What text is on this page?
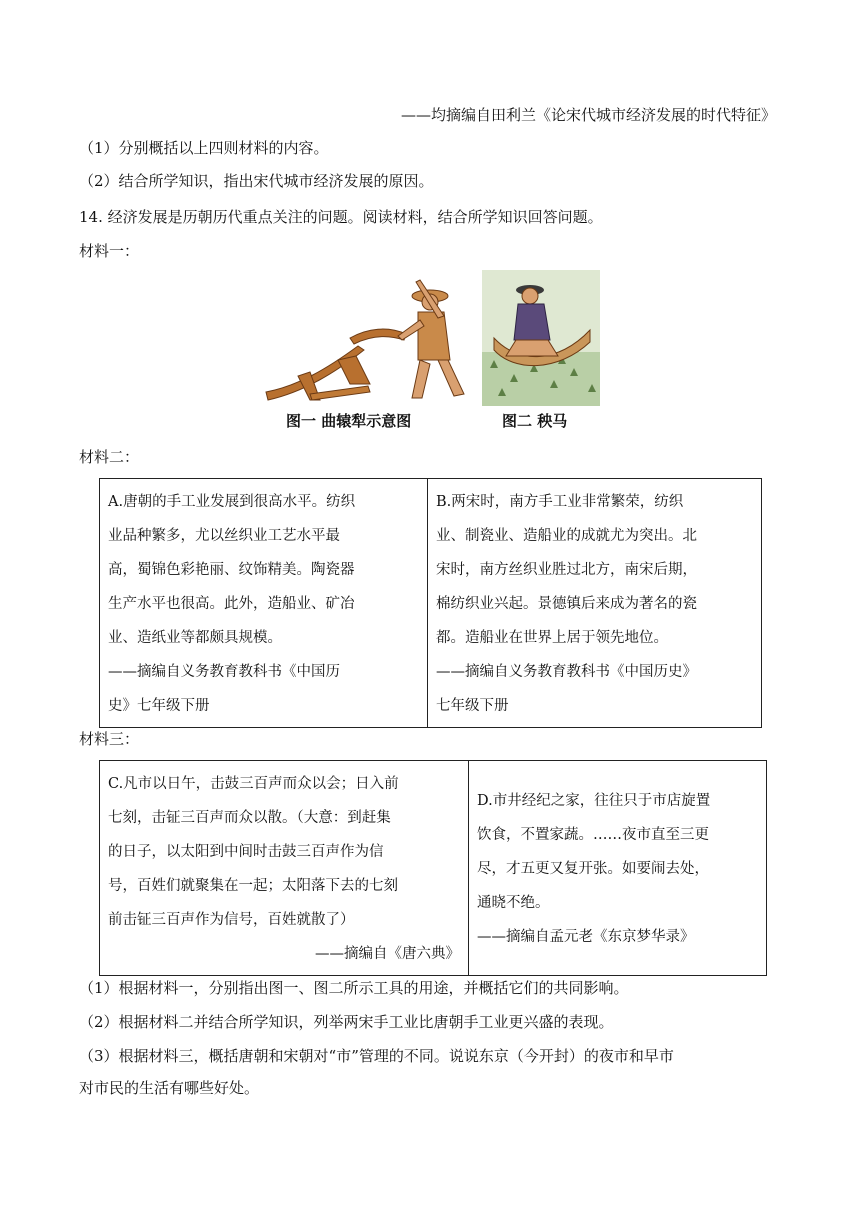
——均摘编自田利兰《论宋代城市经济发展的时代特征》
（1）分别概括以上四则材料的内容。
（2）结合所学知识，指出宋代城市经济发展的原因。
14. 经济发展是历朝历代重点关注的问题。阅读材料，结合所学知识回答问题。
材料一：
图一 曲辕犁示意图	图二 秧马
材料二：
A.唐朝的手工业发展到很高水平。纺织
业品种繁多，尤以丝织业工艺水平最
高，蜀锦色彩艳丽、纹饰精美。陶瓷器
生产水平也很高。此外，造船业、矿冶
业、造纸业等都颇具规模。
——摘编自义务教育教科书《中国历
史》七年级下册

B.两宋时，南方手工业非常繁荣，纺织
业、制瓷业、造船业的成就尤为突出。北
宋时，南方丝织业胜过北方，南宋后期，
棉纺织业兴起。景德镇后来成为著名的瓷
都。造船业在世界上居于领先地位。
——摘编自义务教育教科书《中国历史》
七年级下册
材料三：
C.凡市以日午，击鼓三百声而众以会；日入前
七刻，击钲三百声而众以散。（大意：到赶集
的日子，以太阳到中间时击鼓三百声作为信
号，百姓们就聚集在一起；太阳落下去的七刻
前击钲三百声作为信号，百姓就散了）
——摘编自《唐六典》

D.市井经纪之家，往往只于市店旋置
饮食，不置家蔬。……夜市直至三更
尽，才五更又复开张。如要闹去处，
通晓不绝。
——摘编自孟元老《东京梦华录》
（1）根据材料一，分别指出图一、图二所示工具的用途，并概括它们的共同影响。
（2）根据材料二并结合所学知识，列举两宋手工业比唐朝手工业更兴盛的表现。
（3）根据材料三，概括唐朝和宋朝对“市”管理的不同。说说东京（今开封）的夜市和早市
对市民的生活有哪些好处。
